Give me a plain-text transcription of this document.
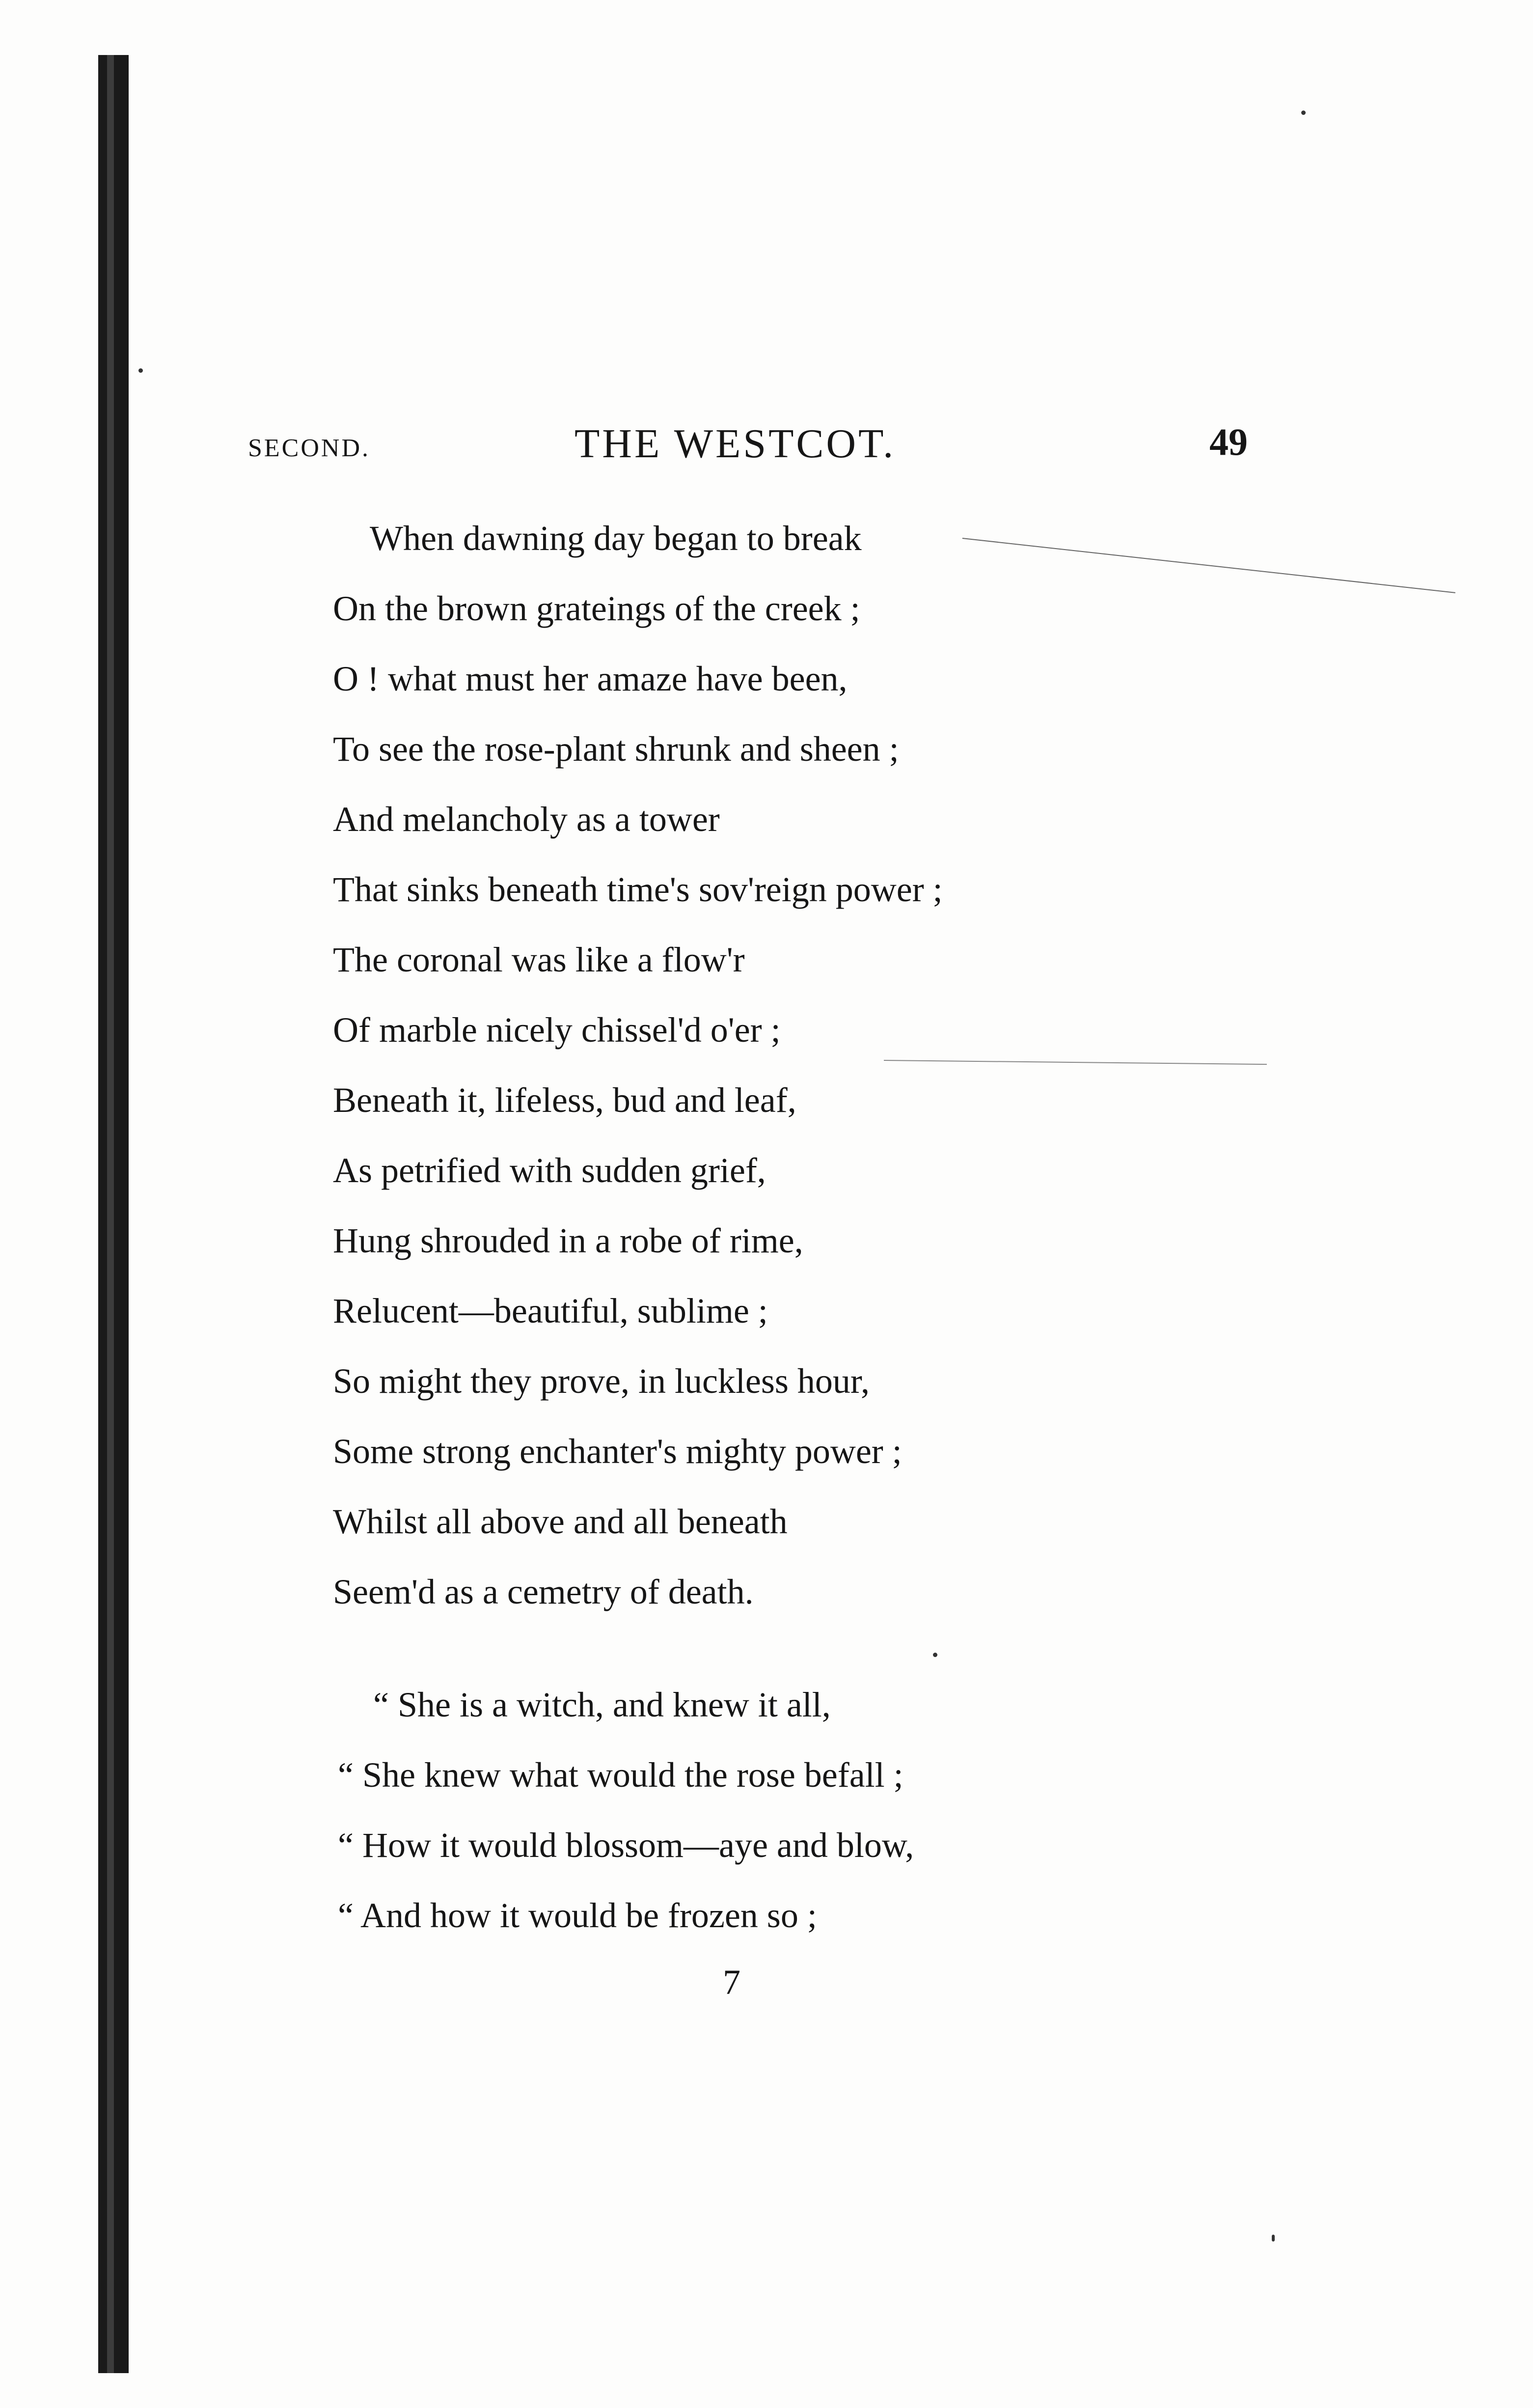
SECOND.	THE WESTCOT.	49
When dawning day began to break
On the brown grateings of the creek ;
O ! what must her amaze have been,
To see the rose-plant shrunk and sheen ;
And melancholy as a tower
That sinks beneath time's sov'reign power ;
The coronal was like a flow'r
Of marble nicely chissel'd o'er ;
Beneath it, lifeless, bud and leaf,
As petrified with sudden grief,
Hung shrouded in a robe of rime,
Relucent—beautiful, sublime ;
So might they prove, in luckless hour,
Some strong enchanter's mighty power ;
Whilst all above and all beneath
Seem'd as a cemetry of death.
“ She is a witch, and knew it all,
“ She knew what would the rose befall ;
“ How it would blossom—aye and blow,
“ And how it would be frozen so ;
7
